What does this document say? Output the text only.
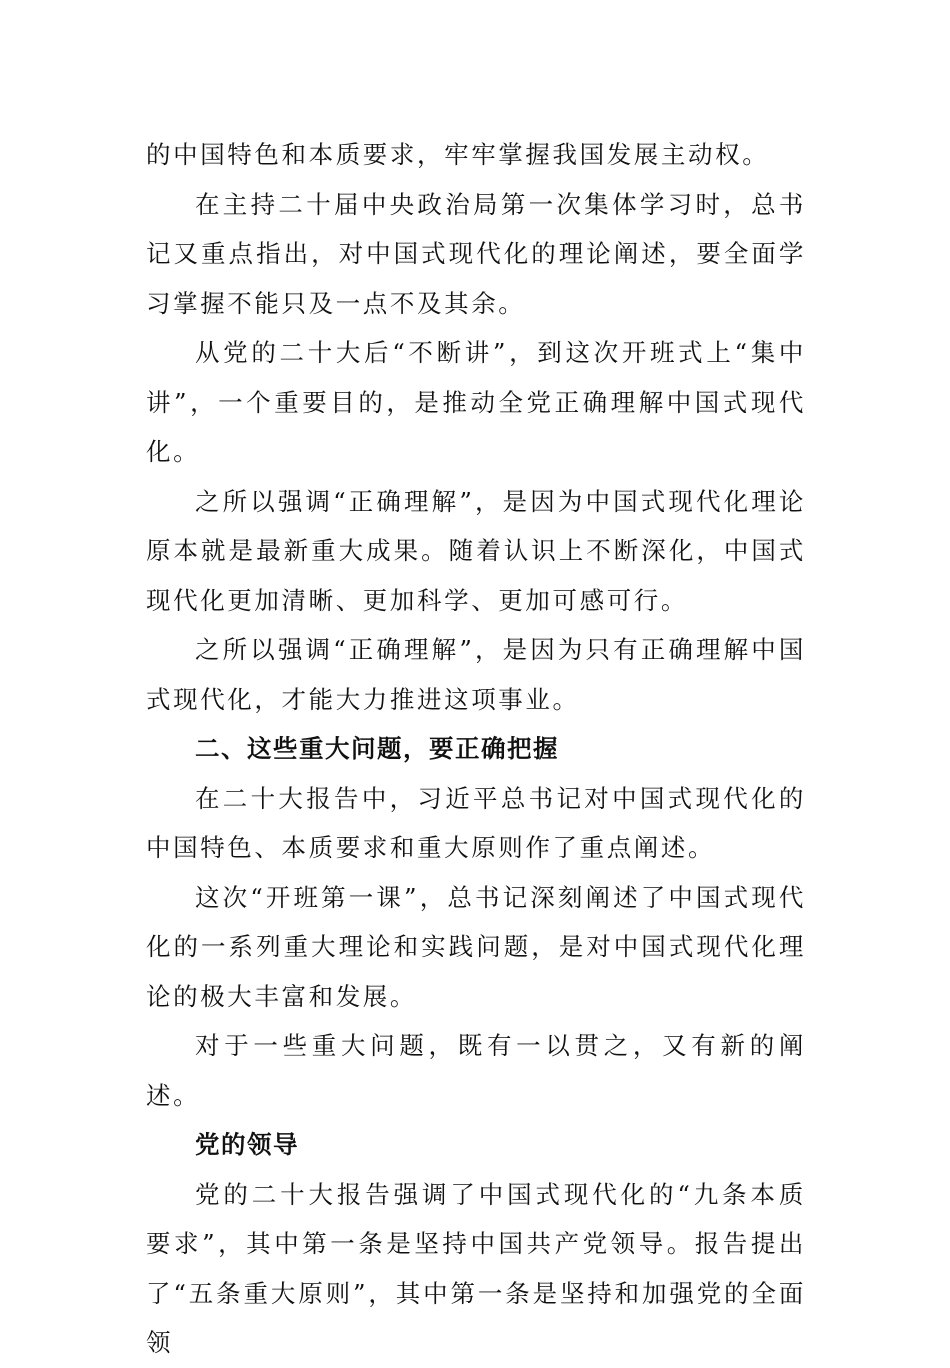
的中国特色和本质要求，牢牢掌握我国发展主动权。

在主持二十届中央政治局第一次集体学习时，总书记又重点指出，对中国式现代化的理论阐述，要全面学习掌握不能只及一点不及其余。

从党的二十大后“不断讲”，到这次开班式上“集中讲”，一个重要目的，是推动全党正确理解中国式现代化。

之所以强调“正确理解”，是因为中国式现代化理论原本就是最新重大成果。随着认识上不断深化，中国式现代化更加清晰、更加科学、更加可感可行。

之所以强调“正确理解”，是因为只有正确理解中国式现代化，才能大力推进这项事业。

二、这些重大问题，要正确把握

在二十大报告中，习近平总书记对中国式现代化的中国特色、本质要求和重大原则作了重点阐述。

这次“开班第一课”，总书记深刻阐述了中国式现代化的一系列重大理论和实践问题，是对中国式现代化理论的极大丰富和发展。

对于一些重大问题，既有一以贯之，又有新的阐述。

党的领导

党的二十大报告强调了中国式现代化的“九条本质要求”，其中第一条是坚持中国共产党领导。报告提出了“五条重大原则”，其中第一条是坚持和加强党的全面领
